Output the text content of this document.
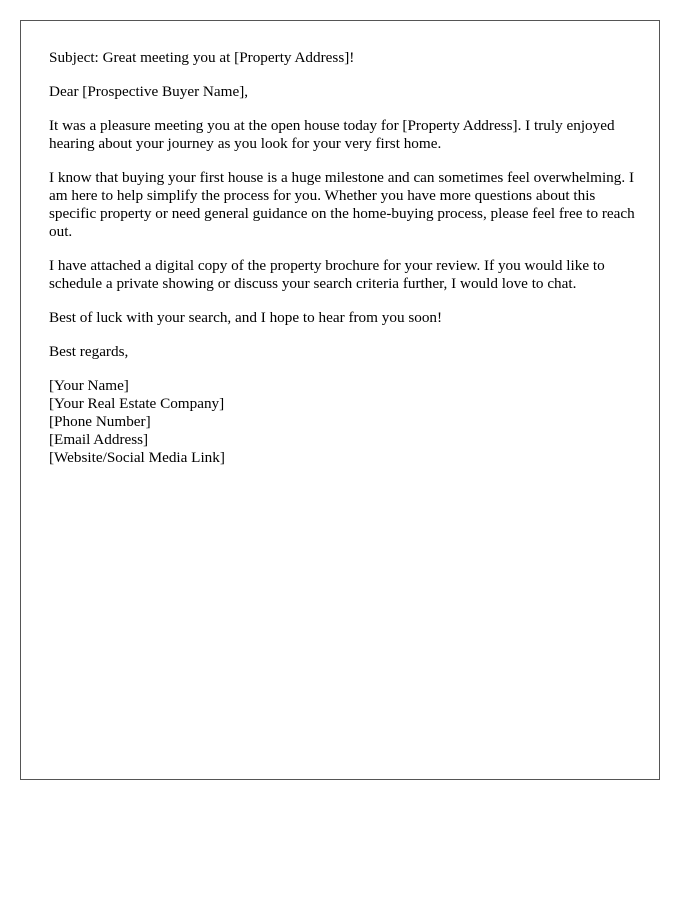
Subject: Great meeting you at [Property Address]!

Dear [Prospective Buyer Name],

It was a pleasure meeting you at the open house today for [Property Address]. I truly enjoyed hearing about your journey as you look for your very first home.

I know that buying your first house is a huge milestone and can sometimes feel overwhelming. I am here to help simplify the process for you. Whether you have more questions about this specific property or need general guidance on the home-buying process, please feel free to reach out.

I have attached a digital copy of the property brochure for your review. If you would like to schedule a private showing or discuss your search criteria further, I would love to chat.

Best of luck with your search, and I hope to hear from you soon!

Best regards,

[Your Name]
[Your Real Estate Company]
[Phone Number]
[Email Address]
[Website/Social Media Link]
